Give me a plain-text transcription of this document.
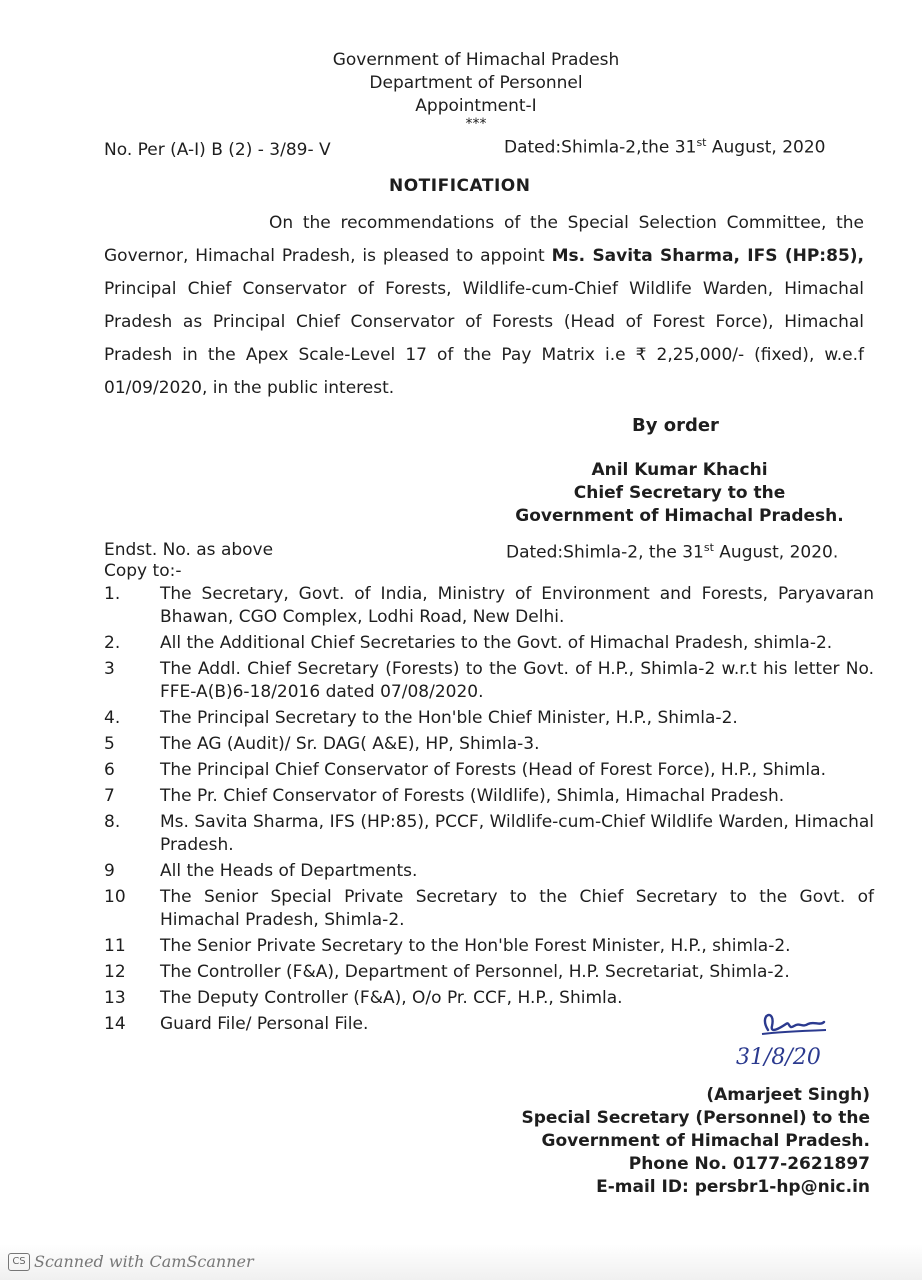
Government of Himachal Pradesh
Department of Personnel
Appointment-I
***
No. Per (A-I) B (2) - 3/89- V	Dated:Shimla-2,the 31st August, 2020
NOTIFICATION
On the recommendations of the Special Selection Committee, the Governor, Himachal Pradesh, is pleased to appoint Ms. Savita Sharma, IFS (HP:85), Principal Chief Conservator of Forests, Wildlife-cum-Chief Wildlife Warden, Himachal Pradesh as Principal Chief Conservator of Forests (Head of Forest Force), Himachal Pradesh in the Apex Scale-Level 17 of the Pay Matrix i.e ₹ 2,25,000/- (fixed), w.e.f 01/09/2020, in the public interest.
By order
Anil Kumar Khachi
Chief Secretary to the
Government of Himachal Pradesh.
Endst. No. as above	Dated:Shimla-2, the 31st August, 2020.
Copy to:-
1.	The Secretary, Govt. of India, Ministry of Environment and Forests, Paryavaran Bhawan, CGO Complex, Lodhi Road, New Delhi.
2.	All the Additional Chief Secretaries to the Govt. of Himachal Pradesh, shimla-2.
3	The Addl. Chief Secretary (Forests) to the Govt. of H.P., Shimla-2 w.r.t his letter No. FFE-A(B)6-18/2016 dated 07/08/2020.
4.	The Principal Secretary to the Hon'ble Chief Minister, H.P., Shimla-2.
5	The AG (Audit)/ Sr. DAG( A&E), HP, Shimla-3.
6	The Principal Chief Conservator of Forests (Head of Forest Force), H.P., Shimla.
7	The Pr. Chief Conservator of Forests (Wildlife), Shimla, Himachal Pradesh.
8.	Ms. Savita Sharma, IFS (HP:85), PCCF, Wildlife-cum-Chief Wildlife Warden, Himachal Pradesh.
9	All the Heads of Departments.
10	The Senior Special Private Secretary to the Chief Secretary to the Govt. of Himachal Pradesh, Shimla-2.
11	The Senior Private Secretary to the Hon'ble Forest Minister, H.P., shimla-2.
12	The Controller (F&A), Department of Personnel, H.P. Secretariat, Shimla-2.
13	The Deputy Controller (F&A), O/o Pr. CCF, H.P., Shimla.
14	Guard File/ Personal File.
31/8/20
(Amarjeet Singh)
Special Secretary (Personnel) to the
Government of Himachal Pradesh.
Phone No. 0177-2621897
E-mail ID: persbr1-hp@nic.in
CS Scanned with CamScanner
